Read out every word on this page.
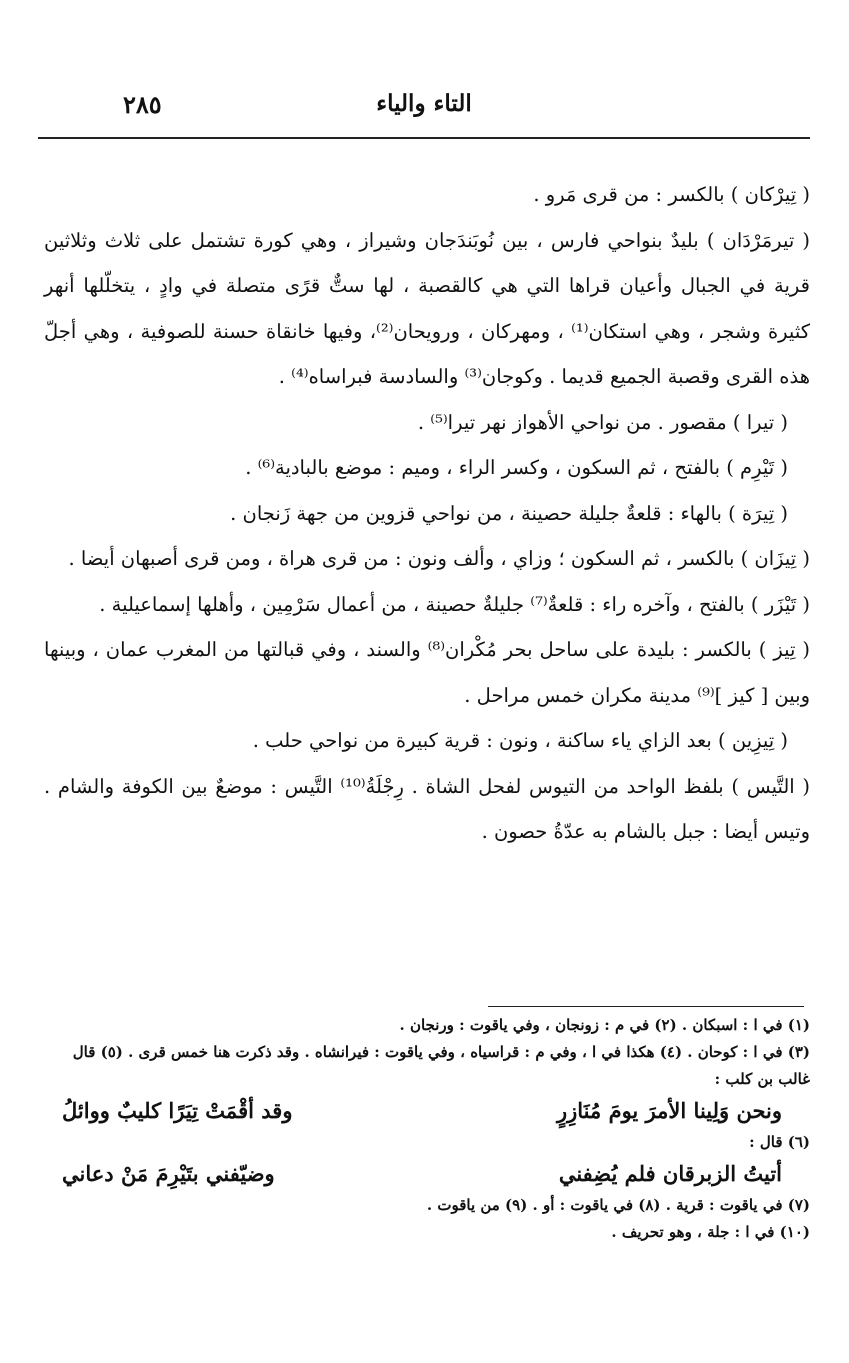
٢٨٥	التاء والياء

( تِيرْكان ) بالكسر : من قرى مَرو .

( تيرمَرْدَان ) بليدٌ بنواحي فارس ، بين نُوبَندَجان وشيراز ، وهي كورة تشتمل على ثلاث وثلاثين قرية في الجبال وأعيان قراها التي هي كالقصبة ، لها ستٌّ قرًى متصلة في وادٍ ، يتخلّلها أنهر كثيرة وشجر ، وهي استكان⁽¹⁾ ، ومهركان ، ورويحان⁽²⁾، وفيها خانقاة حسنة للصوفية ، وهي أجلّ هذه القرى وقصبة الجميع قديما . وكوجان⁽³⁾ والسادسة فبراساه⁽⁴⁾ .

( تيرا ) مقصور . من نواحي الأهواز نهر تيرا⁽⁵⁾ .

( تَيْرِم ) بالفتح ، ثم السكون ، وكسر الراء ، وميم : موضع بالبادية⁽⁶⁾ .

( تِيرَة ) بالهاء : قلعةٌ جليلة حصينة ، من نواحي قزوين من جهة زَنجان .

( تِيزَان ) بالكسر ، ثم السكون ؛ وزاي ، وألف ونون : من قرى هراة ، ومن قرى أصبهان أيضا .

( تَيْزَر ) بالفتح ، وآخره راء : قلعةٌ⁽⁷⁾ جليلةٌ حصينة ، من أعمال سَرْمِين ، وأهلها إسماعيلية .

( تِيز ) بالكسر : بليدة على ساحل بحر مُكْران⁽⁸⁾ والسند ، وفي قبالتها من المغرب عمان ، وبينها وبين [ كيز ]⁽⁹⁾ مدينة مكران خمس مراحل .

( تِيزِين ) بعد الزاي ياء ساكنة ، ونون : قرية كبيرة من نواحي حلب .

( التَّيس ) بلفظ الواحد من التيوس لفحل الشاة . رِجْلَةُ⁽¹⁰⁾ التَّيس : موضعٌ بين الكوفة والشام . وتيس أيضا : جبل بالشام به عدّةُ حصون .

(١) في ا : اسبكان . (٢) في م : زونجان ، وفي ياقوت : ورنجان .

(٣) في ا : كوحان . (٤) هكذا في ا ، وفي م : قراسياه ، وفي ياقوت : فيرانشاه . وقد ذكرت هنا خمس قرى . (٥) قال غالب بن كلب :

ونحن وَلِينا الأمرَ يومَ مُنَازِرٍ
وقد أقْمَتْ تِيَرًا كليبٌ ووائلُ

(٦) قال :

أتيتُ الزبرقان فلم يُضِفني
وضيّفني بتَيْرِمَ مَنْ دعاني

(٧) في ياقوت : قرية . (٨) في ياقوت : أو . (٩) من ياقوت .

(١٠) في ا : جلة ، وهو تحريف .
